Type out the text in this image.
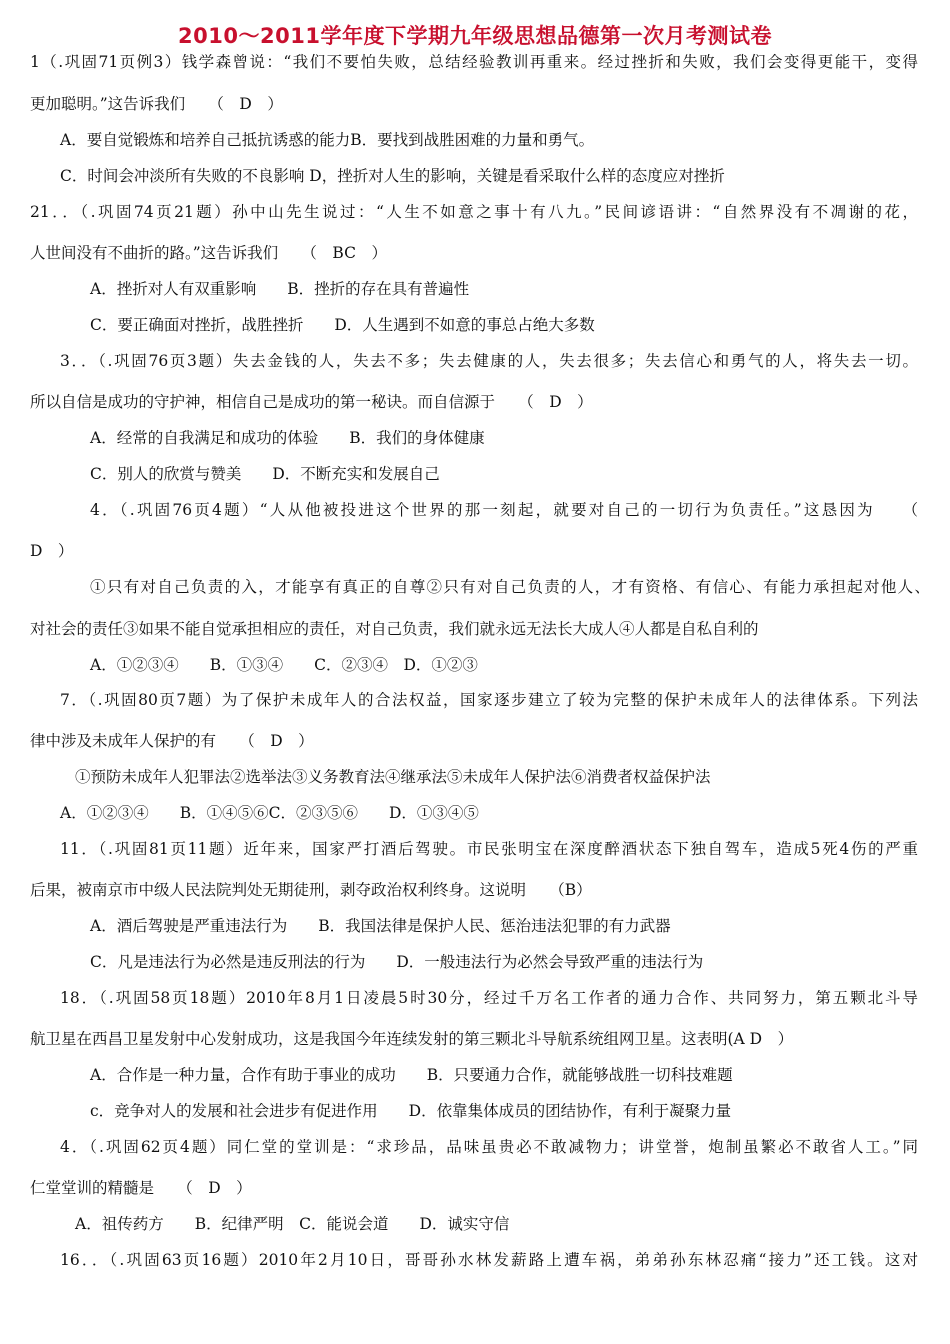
2010～2011学年度下学期九年级思想品德第一次月考测试卷
1（.巩固71页例3）钱学森曾说：“我们不要怕失败，总结经验教训再重来。经过挫折和失败，我们会变得更能干，变得
更加聪明。”这告诉我们　　（　D　）
A．要自觉锻炼和培养自己抵抗诱惑的能力B．要找到战胜困难的力量和勇气。
C．时间会冲淡所有失败的不良影响 D，挫折对人生的影响，关键是看采取什么样的态度应对挫折
21．．（.巩固74页21题）孙中山先生说过：“人生不如意之事十有八九。”民间谚语讲：“自然界没有不凋谢的花，
人世间没有不曲折的路。”这告诉我们　　（　BC　）
A．挫折对人有双重影响　　B．挫折的存在具有普遍性
C．要正确面对挫折，战胜挫折　　D．人生遇到不如意的事总占绝大多数
3．．（.巩固76页3题）失去金钱的人，失去不多；失去健康的人，失去很多；失去信心和勇气的人，将失去一切。
所以自信是成功的守护神，相信自己是成功的第一秘诀。而自信源于　　（　D　）
A．经常的自我满足和成功的体验　　B．我们的身体健康
C．别人的欣赏与赞美　　D．不断充实和发展自己
4．（.巩固76页4题）“人从他被投进这个世界的那一刻起，就要对自己的一切行为负责任。”这恳因为　　（
D　）
①只有对自己负责的入，才能享有真正的自尊②只有对自己负责的人，才有资格、有信心、有能力承担起对他人、
对社会的责任③如果不能自觉承担相应的责任，对自己负责，我们就永远无法长大成人④人都是自私自利的
A．①②③④　　B．①③④　　C．②③④　D．①②③
7．（.巩固80页7题）为了保护未成年人的合法权益，国家逐步建立了较为完整的保护未成年人的法律体系。下列法
律中涉及未成年人保护的有　　（　D　）
①预防未成年人犯罪法②选举法③义务教育法④继承法⑤未成年人保护法⑥消费者权益保护法
A．①②③④　　B．①④⑤⑥C．②③⑤⑥　　D．①③④⑤
11．（.巩固81页11题）近年来，国家严打酒后驾驶。市民张明宝在深度醉酒状态下独自驾车，造成5死4伤的严重
后果，被南京市中级人民法院判处无期徒刑，剥夺政治权利终身。这说明　　（B）
A．酒后驾驶是严重违法行为　　B．我国法律是保护人民、惩治违法犯罪的有力武器
C．凡是违法行为必然是违反刑法的行为　　D．一般违法行为必然会导致严重的违法行为
18．（.巩固58页18题）2010年8月1日凌晨5时30分，经过千万名工作者的通力合作、共同努力，第五颗北斗导
航卫星在西昌卫星发射中心发射成功，这是我国今年连续发射的第三颗北斗导航系统组网卫星。这表明(A D　）
A．合作是一种力量，合作有助于事业的成功　　B．只要通力合作，就能够战胜一切科技难题
c．竞争对人的发展和社会进步有促进作用　　D．依靠集体成员的团结协作，有利于凝聚力量
4．（.巩固62页4题）同仁堂的堂训是：“求珍品，品味虽贵必不敢减物力；讲堂誉，炮制虽繁必不敢省人工。”同
仁堂堂训的精髓是　　（　D　）
A．祖传药方　　B．纪律严明　C．能说会道　　D．诚实守信
16．．（.巩固63页16题）2010年2月10日，哥哥孙水林发薪路上遭车祸，弟弟孙东林忍痛“接力”还工钱。这对
